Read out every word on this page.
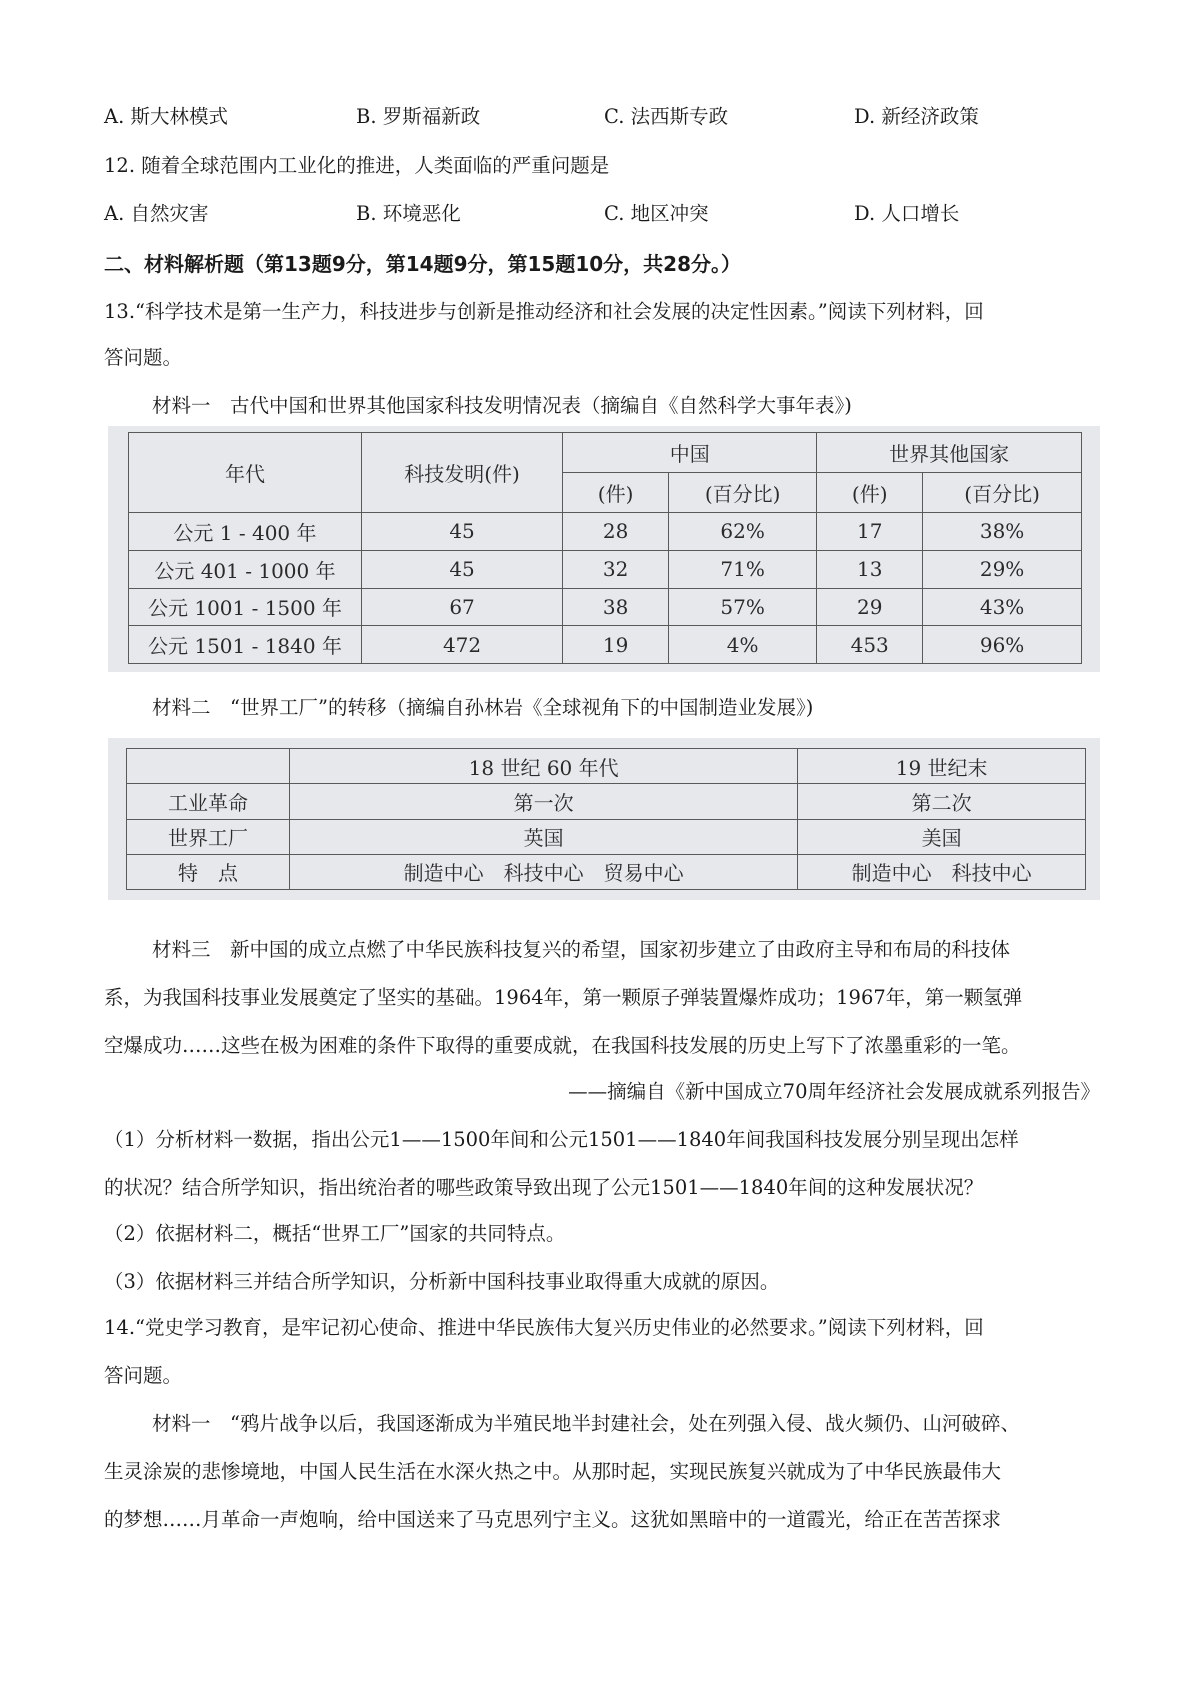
A. 斯大林模式	B. 罗斯福新政	C. 法西斯专政	D. 新经济政策
12. 随着全球范围内工业化的推进，人类面临的严重问题是
A. 自然灾害	B. 环境恶化	C. 地区冲突	D. 人口增长
二、材料解析题（第13题9分，第14题9分，第15题10分，共28分。）
13.“科学技术是第一生产力，科技进步与创新是推动经济和社会发展的决定性因素。”阅读下列材料，回
答问题。
材料一　古代中国和世界其他国家科技发明情况表（摘编自《自然科学大事年表》)
年代	科技发明(件)	中国		世界其他国家	
		(件)	(百分比)	(件)	(百分比)
公元 1 - 400 年	45	28	62%	17	38%
公元 401 - 1000 年	45	32	71%	13	29%
公元 1001 - 1500 年	67	38	57%	29	43%
公元 1501 - 1840 年	472	19	4%	453	96%
材料二　“世界工厂”的转移（摘编自孙林岩《全球视角下的中国制造业发展》)
	18 世纪 60 年代	19 世纪末
工业革命	第一次	第二次
世界工厂	英国	美国
特　点	制造中心　科技中心　贸易中心	制造中心　科技中心
材料三　新中国的成立点燃了中华民族科技复兴的希望，国家初步建立了由政府主导和布局的科技体
系，为我国科技事业发展奠定了坚实的基础。1964年，第一颗原子弹装置爆炸成功；1967年，第一颗氢弹
空爆成功……这些在极为困难的条件下取得的重要成就，在我国科技发展的历史上写下了浓墨重彩的一笔。
——摘编自《新中国成立70周年经济社会发展成就系列报告》
（1）分析材料一数据，指出公元1——1500年间和公元1501——1840年间我国科技发展分别呈现出怎样
的状况？结合所学知识，指出统治者的哪些政策导致出现了公元1501——1840年间的这种发展状况？
（2）依据材料二，概括“世界工厂”国家的共同特点。
（3）依据材料三并结合所学知识，分析新中国科技事业取得重大成就的原因。
14.“党史学习教育，是牢记初心使命、推进中华民族伟大复兴历史伟业的必然要求。”阅读下列材料，回
答问题。
材料一　“鸦片战争以后，我国逐渐成为半殖民地半封建社会，处在列强入侵、战火频仍、山河破碎、
生灵涂炭的悲惨境地，中国人民生活在水深火热之中。从那时起，实现民族复兴就成为了中华民族最伟大
的梦想……月革命一声炮响，给中国送来了马克思列宁主义。这犹如黑暗中的一道霞光，给正在苦苦探求
